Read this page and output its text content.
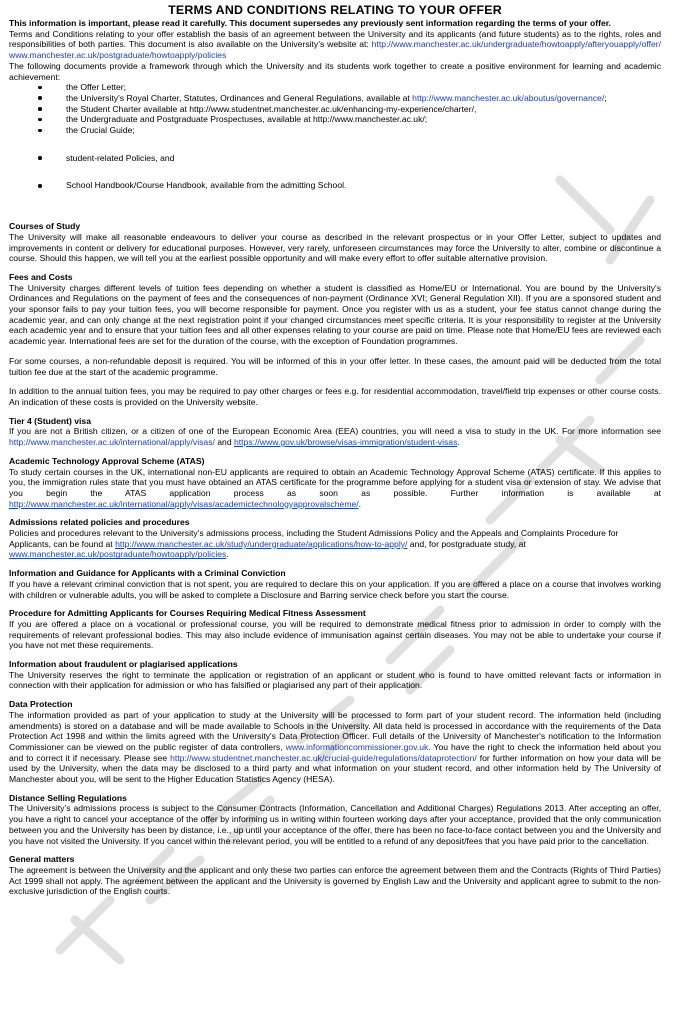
TERMS AND CONDITIONS RELATING TO YOUR OFFER

This information is important, please read it carefully. This document supersedes any previously sent information regarding the terms of your offer.

Terms and Conditions relating to your offer establish the basis of an agreement between the University and its applicants (and future students) as to the rights, roles and responsibilities of both parties. This document is also available on the University’s website at: http://www.manchester.ac.uk/undergraduate/howtoapply/afteryouapply/offer/ www.manchester.ac.uk/postgraduate/howtoapply/policies

The following documents provide a framework through which the University and its students work together to create a positive environment for learning and academic achievement:

the Offer Letter;
the University’s Royal Charter, Statutes, Ordinances and General Regulations, available at http://www.manchester.ac.uk/aboutus/governance/;
the Student Charter available at http://www.studentnet.manchester.ac.uk/enhancing-my-experience/charter/,
the Undergraduate and Postgraduate Prospectuses, available at http://www.manchester.ac.uk/;
the Crucial Guide;
student-related Policies, and
School Handbook/Course Handbook, available from the admitting School.
Courses of Study

The University will make all reasonable endeavours to deliver your course as described in the relevant prospectus or in your Offer Letter, subject to updates and improvements in content or delivery for educational purposes. However, very rarely, unforeseen circumstances may force the University to alter, combine or discontinue a course. Should this happen, we will tell you at the earliest possible opportunity and will make every effort to offer suitable alternative provision.

Fees and Costs

The University charges different levels of tuition fees depending on whether a student is classified as Home/EU or International. You are bound by the University's Ordinances and Regulations on the payment of fees and the consequences of non-payment (Ordinance XVI; General Regulation XII). If you are a sponsored student and your sponsor fails to pay your tuition fees, you will become responsible for payment. Once you register with us as a student, your fee status cannot change during the academic year, and can only change at the next registration point if your changed circumstances meet specific criteria. It is your responsibility to register at the University each academic year and to ensure that your tuition fees and all other expenses relating to your course are paid on time. Please note that Home/EU fees are reviewed each academic year. International fees are set for the duration of the course, with the exception of Foundation programmes.

For some courses, a non-refundable deposit is required. You will be informed of this in your offer letter. In these cases, the amount paid will be deducted from the total tuition fee due at the start of the academic programme.

In addition to the annual tuition fees, you may be required to pay other charges or fees e.g. for residential accommodation, travel/field trip expenses or other course costs. An indication of these costs is provided on the University website.

Tier 4 (Student) visa

If you are not a British citizen, or a citizen of one of the European Economic Area (EEA) countries, you will need a visa to study in the UK. For more information see http://www.manchester.ac.uk/international/apply/visas/ and https://www.gov.uk/browse/visas-immigration/student-visas.

Academic Technology Approval Scheme (ATAS)

To study certain courses in the UK, international non-EU applicants are required to obtain an Academic Technology Approval Scheme (ATAS) certificate. If this applies to you, the immigration rules state that you must have obtained an ATAS certificate for the programme before applying for a student visa or extension of stay. We advise that you begin the ATAS application process as soon as possible. Further information is available at http://www.manchester.ac.uk/international/apply/visas/academictechnologyapprovalscheme/.

Admissions related policies and procedures

Policies and procedures relevant to the University’s admissions process, including the Student Admissions Policy and the Appeals and Complaints Procedure for Applicants, can be found at http://www.manchester.ac.uk/study/undergraduate/applications/how-to-apply/ and, for postgraduate study, at www.manchester.ac.uk/postgraduate/howtoapply/policies.

Information and Guidance for Applicants with a Criminal Conviction

If you have a relevant criminal conviction that is not spent, you are required to declare this on your application. If you are offered a place on a course that involves working with children or vulnerable adults, you will be asked to complete a Disclosure and Barring service check before you start the course.

Procedure for Admitting Applicants for Courses Requiring Medical Fitness Assessment

If you are offered a place on a vocational or professional course, you will be required to demonstrate medical fitness prior to admission in order to comply with the requirements of relevant professional bodies. This may also include evidence of immunisation against certain diseases. You may not be able to undertake your course if you have not met these requirements.

Information about fraudulent or plagiarised applications

The University reserves the right to terminate the application or registration of an applicant or student who is found to have omitted relevant facts or information in connection with their application for admission or who has falsified or plagiarised any part of their application.

Data Protection

The information provided as part of your application to study at the University will be processed to form part of your student record. The information held (including amendments) is stored on a database and will be made available to Schools in the University. All data held is processed in accordance with the requirements of the Data Protection Act 1998 and within the limits agreed with the University's Data Protection Officer. Full details of the University of Manchester's notification to the Information Commissioner can be viewed on the public register of data controllers, www.informationcommissioner.gov.uk. You have the right to check the information held about you and to correct it if necessary. Please see http://www.studentnet.manchester.ac.uk/crucial-guide/regulations/dataprotection/ for further information on how your data will be used by the University, when the data may be disclosed to a third party and what information on your student record, and other information held by The University of Manchester about you, will be sent to the Higher Education Statistics Agency (HESA).

Distance Selling Regulations

The University’s admissions process is subject to the Consumer Contracts (Information, Cancellation and Additional Charges) Regulations 2013. After accepting an offer, you have a right to cancel your acceptance of the offer by informing us in writing within fourteen working days after your acceptance, provided that the only communication between you and the University has been by distance, i.e., up until your acceptance of the offer, there has been no face-to-face contact between you and the University and you have not visited the University. If you cancel within the relevant period, you will be entitled to a refund of any deposit/fees that you have paid prior to the cancellation.

General matters

The agreement is between the University and the applicant and only these two parties can enforce the agreement between them and the Contracts (Rights of Third Parties) Act 1999 shall not apply. The agreement between the applicant and the University is governed by English Law and the University and applicant agree to submit to the non-exclusive jurisdiction of the English courts.
